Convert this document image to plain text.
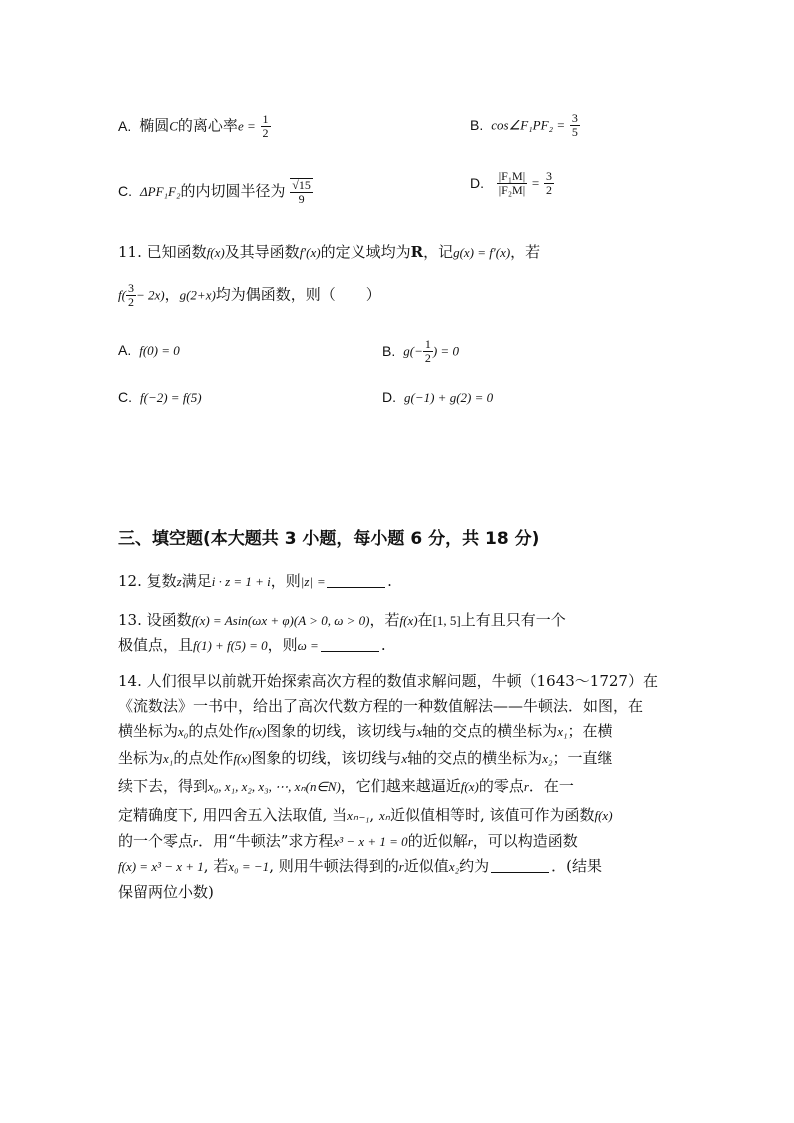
A. 椭圆C的离心率$e = \frac{1}{2}$	B. cos∠F₁PF₂ = $\frac{3}{5}$
C. ΔPF₁F₂的内切圆半径为 $\frac{√15}{9}$	D. $\frac{\text{|F₁M|}}{\text{|F₂M|}} = \frac{3}{2}$
11. 已知函数f(x)及其导函数f′(x)的定义域均为R，记g(x) = f′(x)，若
$f( \frac{3}{2} - 2x)$，g(2+x)均为偶函数，则（　　）
A. f(0) = 0	B. $g(- \frac{1}{2}$ ) = 0
C. f(−2) = f(5)	D. g(−1) + g(2) = 0
三、填空题(本大题共 3 小题，每小题 6 分，共 18 分)
12. 复数z满足i · z = 1 + i，则|z| =	.
13. 设函数f(x) = Asin(ωx + φ)(A > 0, ω > 0)，若f(x)在[1, 5]上有且只有一个
极值点，且f(1) + f(5) = 0，则ω =	.
14. 人们很早以前就开始探索高次方程的数值求解问题，牛顿（1643～1727）在
《流数法》一书中，给出了高次代数方程的一种数值解法——牛顿法．如图，在
横坐标为x₀的点处作f(x)图象的切线，该切线与x轴的交点的横坐标为x₁；在横
坐标为x₁的点处作f(x)图象的切线，该切线与x轴的交点的横坐标为x₂；一直继
续下去，得到x₀, x₁, x₂, x₃, ⋯, xₙ(n∈N)，它们越来越逼近f(x)的零点r．在一
定精确度下, 用四舍五入法取值, 当xₙ₋₁, xₙ近似值相等时, 该值可作为函数f(x)
的一个零点r．用“牛顿法”求方程x³ − x + 1 = 0的近似解r，可以构造函数
f(x) = x³ − x + 1, 若x₀ = −1, 则用牛顿法得到的r近似值x₂约为	．(结果
保留两位小数)
